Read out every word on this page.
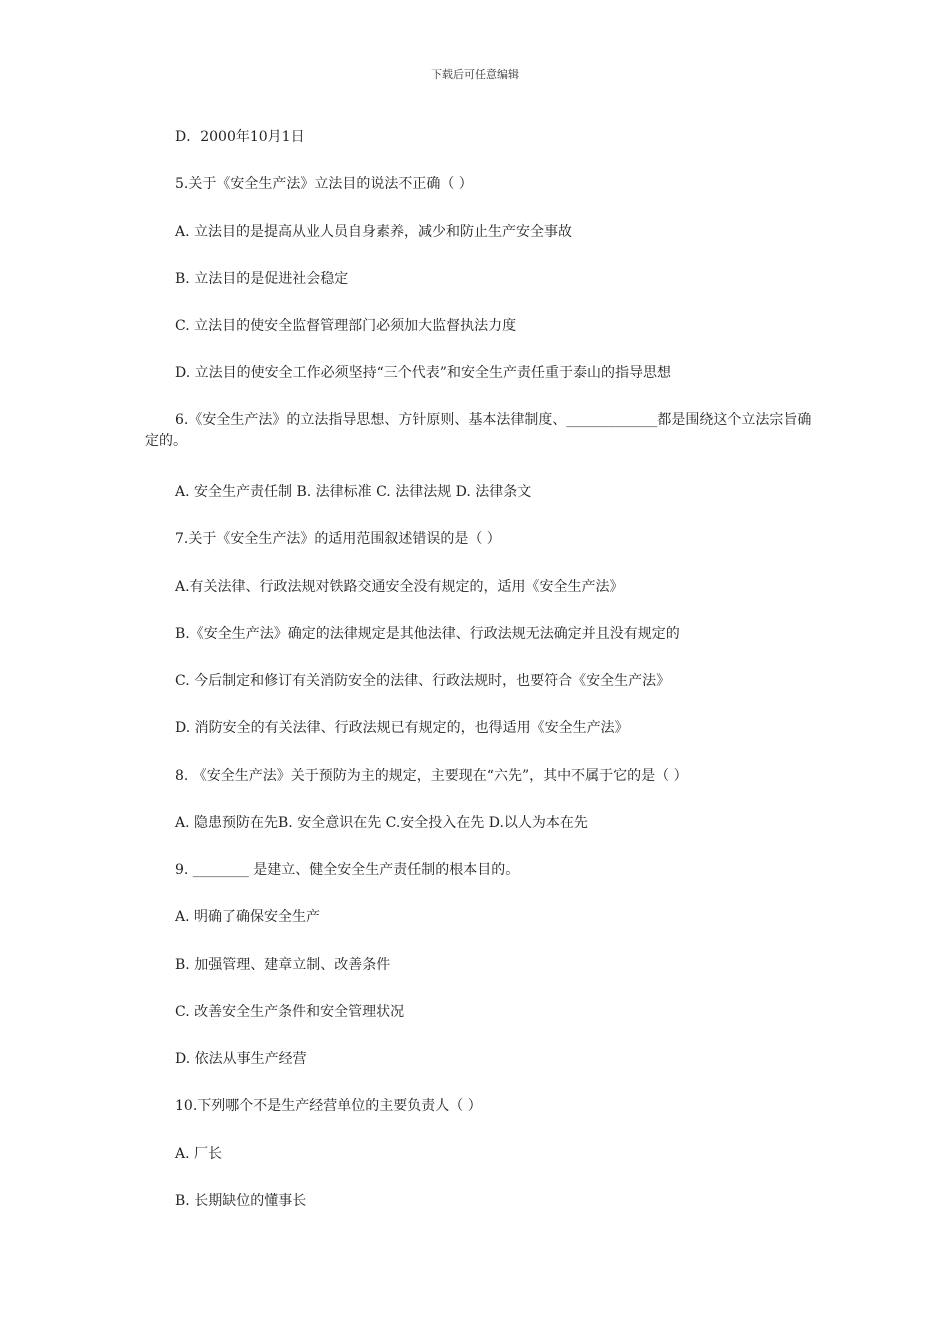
下载后可任意编辑
D．2000年10月1日
5.关于《安全生产法》立法目的说法不正确（ ）
A. 立法目的是提高从业人员自身素养，减少和防止生产安全事故
B. 立法目的是促进社会稳定
C. 立法目的使安全监督管理部门必须加大监督执法力度
D. 立法目的使安全工作必须坚持“三个代表”和安全生产责任重于泰山的指导思想
6.《安全生产法》的立法指导思想、方针原则、基本法律制度、_____________都是围绕这个立法宗旨确定的。
A. 安全生产责任制 B. 法律标准 C. 法律法规 D. 法律条文
7.关于《安全生产法》的适用范围叙述错误的是（ ）
A.有关法律、行政法规对铁路交通安全没有规定的，适用《安全生产法》
B.《安全生产法》确定的法律规定是其他法律、行政法规无法确定并且没有规定的
C. 今后制定和修订有关消防安全的法律、行政法规时，也要符合《安全生产法》
D. 消防安全的有关法律、行政法规已有规定的，也得适用《安全生产法》
8. 《安全生产法》关于预防为主的规定，主要现在“六先”，其中不属于它的是（ ）
A. 隐患预防在先B. 安全意识在先 C.安全投入在先 D.以人为本在先
9. ________ 是建立、健全安全生产责任制的根本目的。
A. 明确了确保安全生产
B. 加强管理、建章立制、改善条件
C. 改善安全生产条件和安全管理状况
D. 依法从事生产经营
10.下列哪个不是生产经营单位的主要负责人（ ）
A. 厂长
B. 长期缺位的懂事长
